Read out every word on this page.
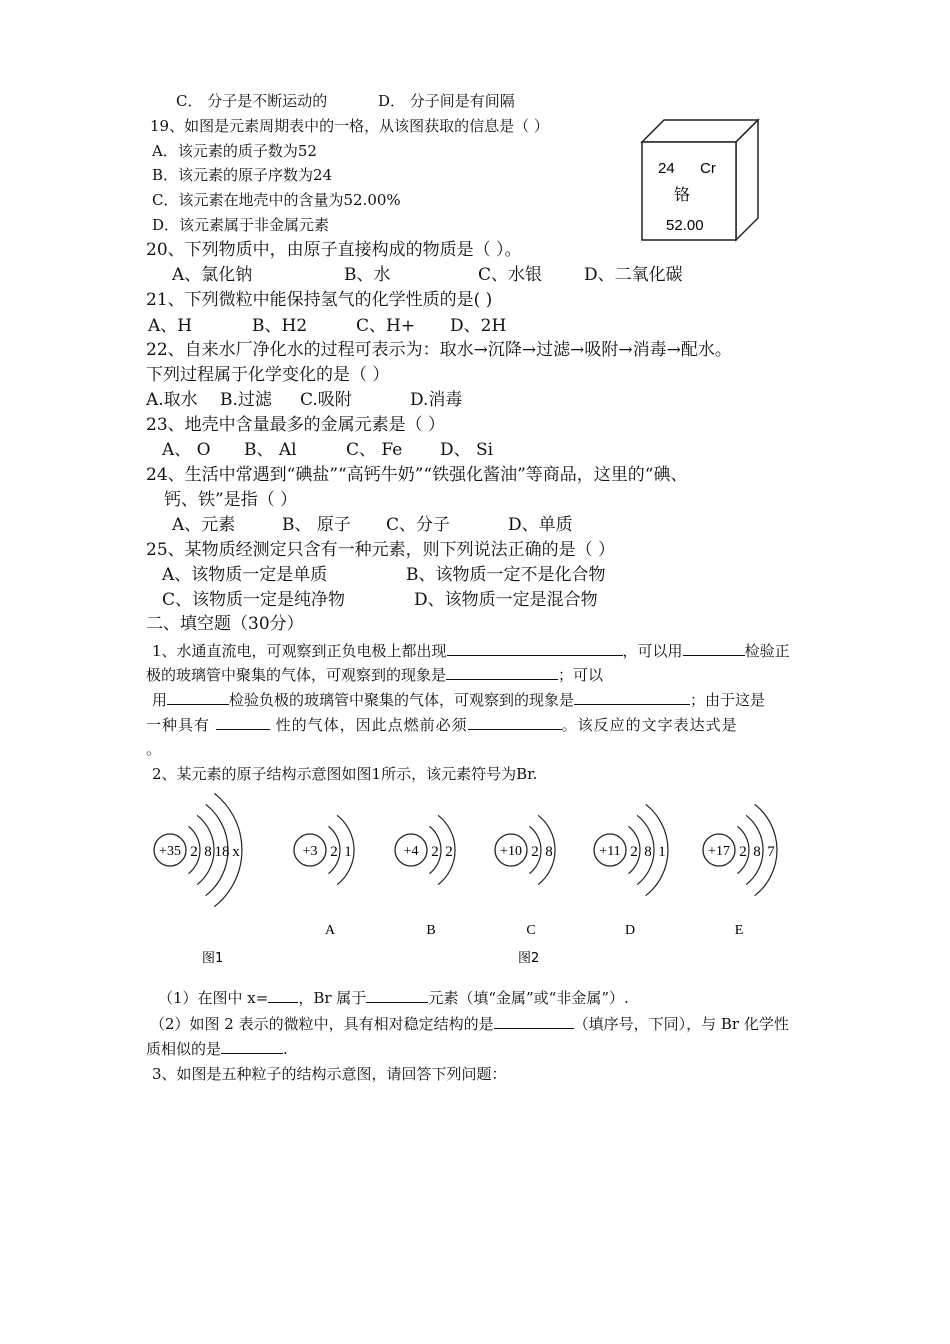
C． 分子是不断运动的	D． 分子间是有间隔
19、如图是元素周期表中的一格，从该图获取的信息是（ ）
A．该元素的质子数为52
B．该元素的原子序数为24
C．该元素在地壳中的含量为52.00%
D．该元素属于非金属元素
24 Cr
铬
52.00
20、下列物质中，由原子直接构成的物质是（ ）。
A、氯化钠	B、水	C、水银 D、二氧化碳
21、下列微粒中能保持氢气的化学性质的是( )
A、H	B、H2	C、H+ D、2H
22、自来水厂净化水的过程可表示为：取水→沉降→过滤→吸附→消毒→配水。
下列过程属于化学变化的是（ ）
A.取水 B.过滤 C.吸附	D.消毒
23、地壳中含量最多的金属元素是（ ）
A、 O B、 Al	C、 Fe D、 Si
24、生活中常遇到“碘盐”“高钙牛奶”“铁强化酱油”等商品，这里的“碘、
钙、铁”是指（ ）
A、元素	B、 原子 C、分子	D、单质
25、某物质经测定只含有一种元素，则下列说法正确的是（ ）
A、该物质一定是单质	B、该物质一定不是化合物
C、该物质一定是纯净物	D、该物质一定是混合物
二、填空题（30分）
1、水通直流电，可观察到正负电极上都出现	，可以用	检验正
极的玻璃管中聚集的气体，可观察到的现象是	；可以
用	检验负极的玻璃管中聚集的气体，可观察到的现象是	；由于这是
一种具有	性的气体，因此点燃前必须	。该反应的文字表达式是
。
2、某元素的原子结构示意图如图1所示，该元素符号为Br.
+35 2 8 18 x	+3 2 1
A
+4 2 2
B
+10 2 8
C
+11 2 8 1
D
+17 2 8 7
E
图1	图2
（1）在图中 x= ，Br 属于	元素（填“金属”或“非金属”）.
（2）如图 2 表示的微粒中，具有相对稳定结构的是	（填序号，下同），与 Br 化学性
质相似的是	.
3、如图是五种粒子的结构示意图，请回答下列问题：
